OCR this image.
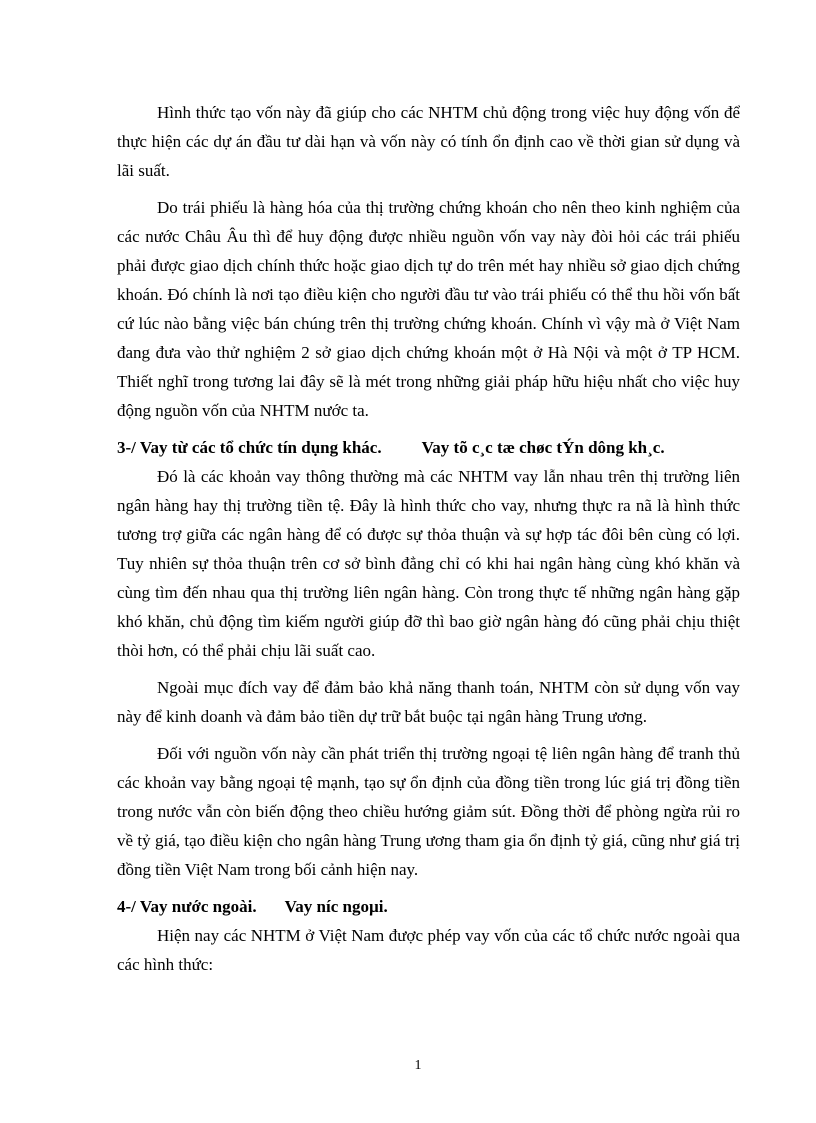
Hình thức tạo vốn này đã giúp cho các NHTM chủ động trong việc huy động vốn để thực hiện các dự án đầu tư dài hạn và vốn này có tính ổn định cao về thời gian sử dụng và lãi suất.

Do trái phiếu là hàng hóa của thị trường chứng khoán cho nên theo kinh nghiệm của các nước Châu Âu thì để huy động được nhiều nguồn vốn vay này đòi hỏi các trái phiếu phải được giao dịch chính thức hoặc giao dịch tự do trên mét hay nhiều sở giao dịch chứng khoán. Đó chính là nơi tạo điều kiện cho người đầu tư vào trái phiếu có thể thu hồi vốn bất cứ lúc nào bằng việc bán chúng trên thị trường chứng khoán. Chính vì vậy mà ở Việt Nam đang đưa vào thử nghiệm 2 sở giao dịch chứng khoán một ở Hà Nội và một ở TP HCM. Thiết nghĩ trong tương lai đây sẽ là mét trong những giải pháp hữu hiệu nhất cho việc huy động nguồn vốn của NHTM nước ta.

3-/ Vay từ các tổ chức tín dụng khác. Vay tõ c¸c tæ chøc tÝn dông kh¸c.

Đó là các khoản vay thông thường mà các NHTM vay lẫn nhau trên thị trường liên ngân hàng hay thị trường tiền tệ. Đây là hình thức cho vay, nhưng thực ra nã là hình thức tương trợ giữa các ngân hàng để có được sự thỏa thuận và sự hợp tác đôi bên cùng có lợi. Tuy nhiên sự thỏa thuận trên cơ sở bình đẳng chỉ có khi hai ngân hàng cùng khó khăn và cùng tìm đến nhau qua thị trường liên ngân hàng. Còn trong thực tế những ngân hàng gặp khó khăn, chủ động tìm kiếm người giúp đỡ thì bao giờ ngân hàng đó cũng phải chịu thiệt thòi hơn, có thể phải chịu lãi suất cao.

Ngoài mục đích vay để đảm bảo khả năng thanh toán, NHTM còn sử dụng vốn vay này để kinh doanh và đảm bảo tiền dự trữ bắt buộc tại ngân hàng Trung ương.

Đối với nguồn vốn này cần phát triển thị trường ngoại tệ liên ngân hàng để tranh thủ các khoản vay bằng ngoại tệ mạnh, tạo sự ổn định của đồng tiền trong lúc giá trị đồng tiền trong nước vẫn còn biến động theo chiều hướng giảm sút. Đồng thời để phòng ngừa rủi ro về tỷ giá, tạo điều kiện cho ngân hàng Trung ương tham gia ổn định tỷ giá, cũng như giá trị đồng tiền Việt Nam trong bối cảnh hiện nay.

4-/ Vay nước ngoài. Vay níc ngoµi.

Hiện nay các NHTM ở Việt Nam được phép vay vốn của các tổ chức nước ngoài qua các hình thức:

1
